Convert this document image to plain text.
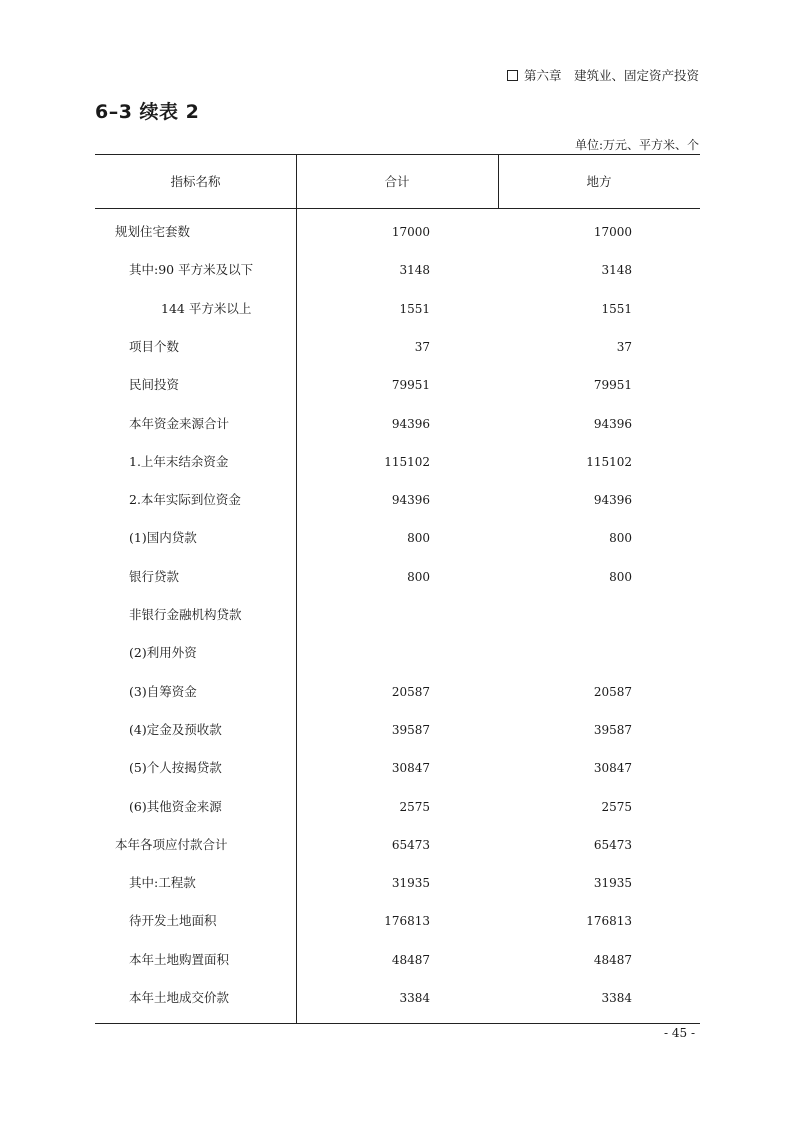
第六章　建筑业、固定资产投资
6–3 续表 2
单位:万元、平方米、个
指标名称	合计	地方
规划住宅套数	17000	17000
其中:90 平方米及以下	3148	3148
144 平方米以上	1551	1551
项目个数	37	37
民间投资	79951	79951
本年资金来源合计	94396	94396
1.上年末结余资金	115102	115102
2.本年实际到位资金	94396	94396
(1)国内贷款	800	800
银行贷款	800	800
非银行金融机构贷款
(2)利用外资
(3)自筹资金	20587	20587
(4)定金及预收款	39587	39587
(5)个人按揭贷款	30847	30847
(6)其他资金来源	2575	2575
本年各项应付款合计	65473	65473
其中:工程款	31935	31935
待开发土地面积	176813	176813
本年土地购置面积	48487	48487
本年土地成交价款	3384	3384
- 45 -
